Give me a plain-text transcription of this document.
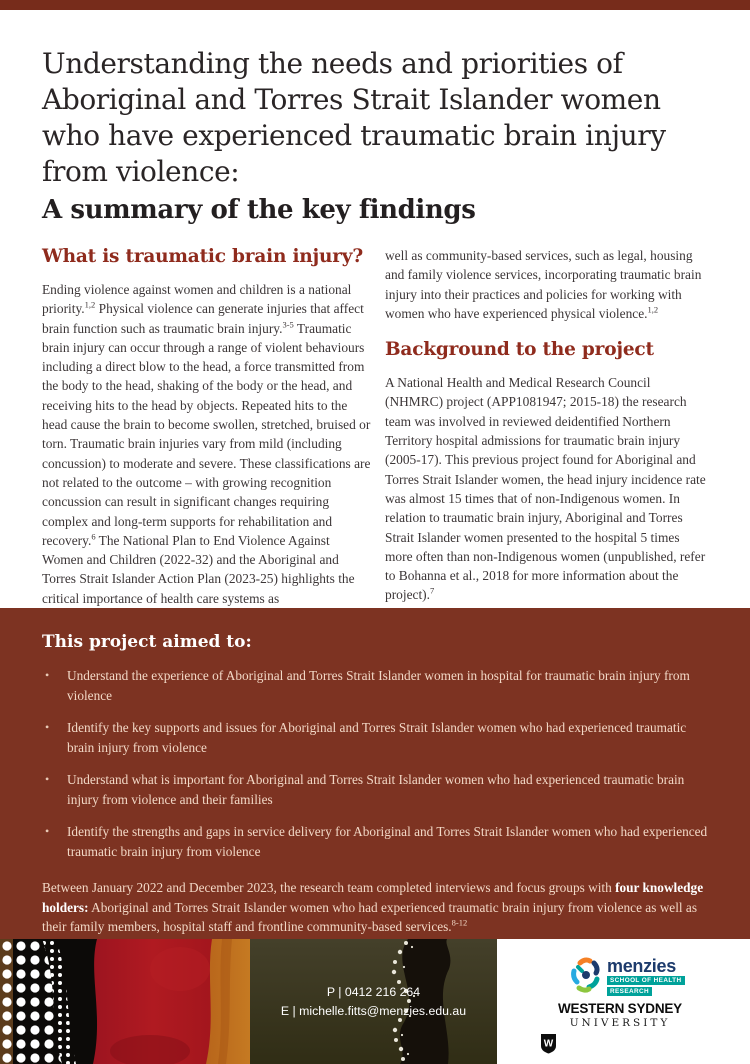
Understanding the needs and priorities of
Aboriginal and Torres Strait Islander women
who have experienced traumatic brain injury
from violence:
A summary of the key findings
What is traumatic brain injury?

Ending violence against women and children is a national priority.$^{1,2}$ Physical violence can generate injuries that affect brain function such as traumatic brain injury.$^{3-5}$ Traumatic brain injury can occur through a range of violent behaviours including a direct blow to the head, a force transmitted from the body to the head, shaking of the body or the head, and receiving hits to the head by objects. Repeated hits to the head cause the brain to become swollen, stretched, bruised or torn. Traumatic brain injuries vary from mild (including concussion) to moderate and severe. These classifications are not related to the outcome – with growing recognition concussion can result in significant changes requiring complex and long-term supports for rehabilitation and recovery.$^6$ The National Plan to End Violence Against Women and Children (2022-32) and the Aboriginal and Torres Strait Islander Action Plan (2023-25) highlights the critical importance of health care systems as

well as community-based services, such as legal, housing and family violence services, incorporating traumatic brain injury into their practices and policies for working with women who have experienced physical violence.$^{1,2}$

Background to the project

A National Health and Medical Research Council (NHMRC) project (APP1081947; 2015-18) the research team was involved in reviewed deidentified Northern Territory hospital admissions for traumatic brain injury (2005-17). This previous project found for Aboriginal and Torres Strait Islander women, the head injury incidence rate was almost 15 times that of non-Indigenous women. In relation to traumatic brain injury, Aboriginal and Torres Strait Islander women presented to the hospital 5 times more often than non-Indigenous women (unpublished, refer to Bohanna et al., 2018 for more information about the project).$^7$

This project aimed to:
• Understand the experience of Aboriginal and Torres Strait Islander women in hospital for traumatic brain injury from violence
• Identify the key supports and issues for Aboriginal and Torres Strait Islander women who had experienced traumatic brain injury from violence
• Understand what is important for Aboriginal and Torres Strait Islander women who had experienced traumatic brain injury from violence and their families
• Identify the strengths and gaps in service delivery for Aboriginal and Torres Strait Islander women who had experienced traumatic brain injury from violence

Between January 2022 and December 2023, the research team completed interviews and focus groups with four knowledge holders: Aboriginal and Torres Strait Islander women who had experienced traumatic brain injury from violence as well as their family members, hospital staff and frontline community-based services.$^{8-12}$

P | 0412 216 264
E | michelle.fitts@menzies.edu.au
menzies
SCHOOL OF HEALTH
RESEARCH
WESTERN SYDNEY
UNIVERSITY
W
